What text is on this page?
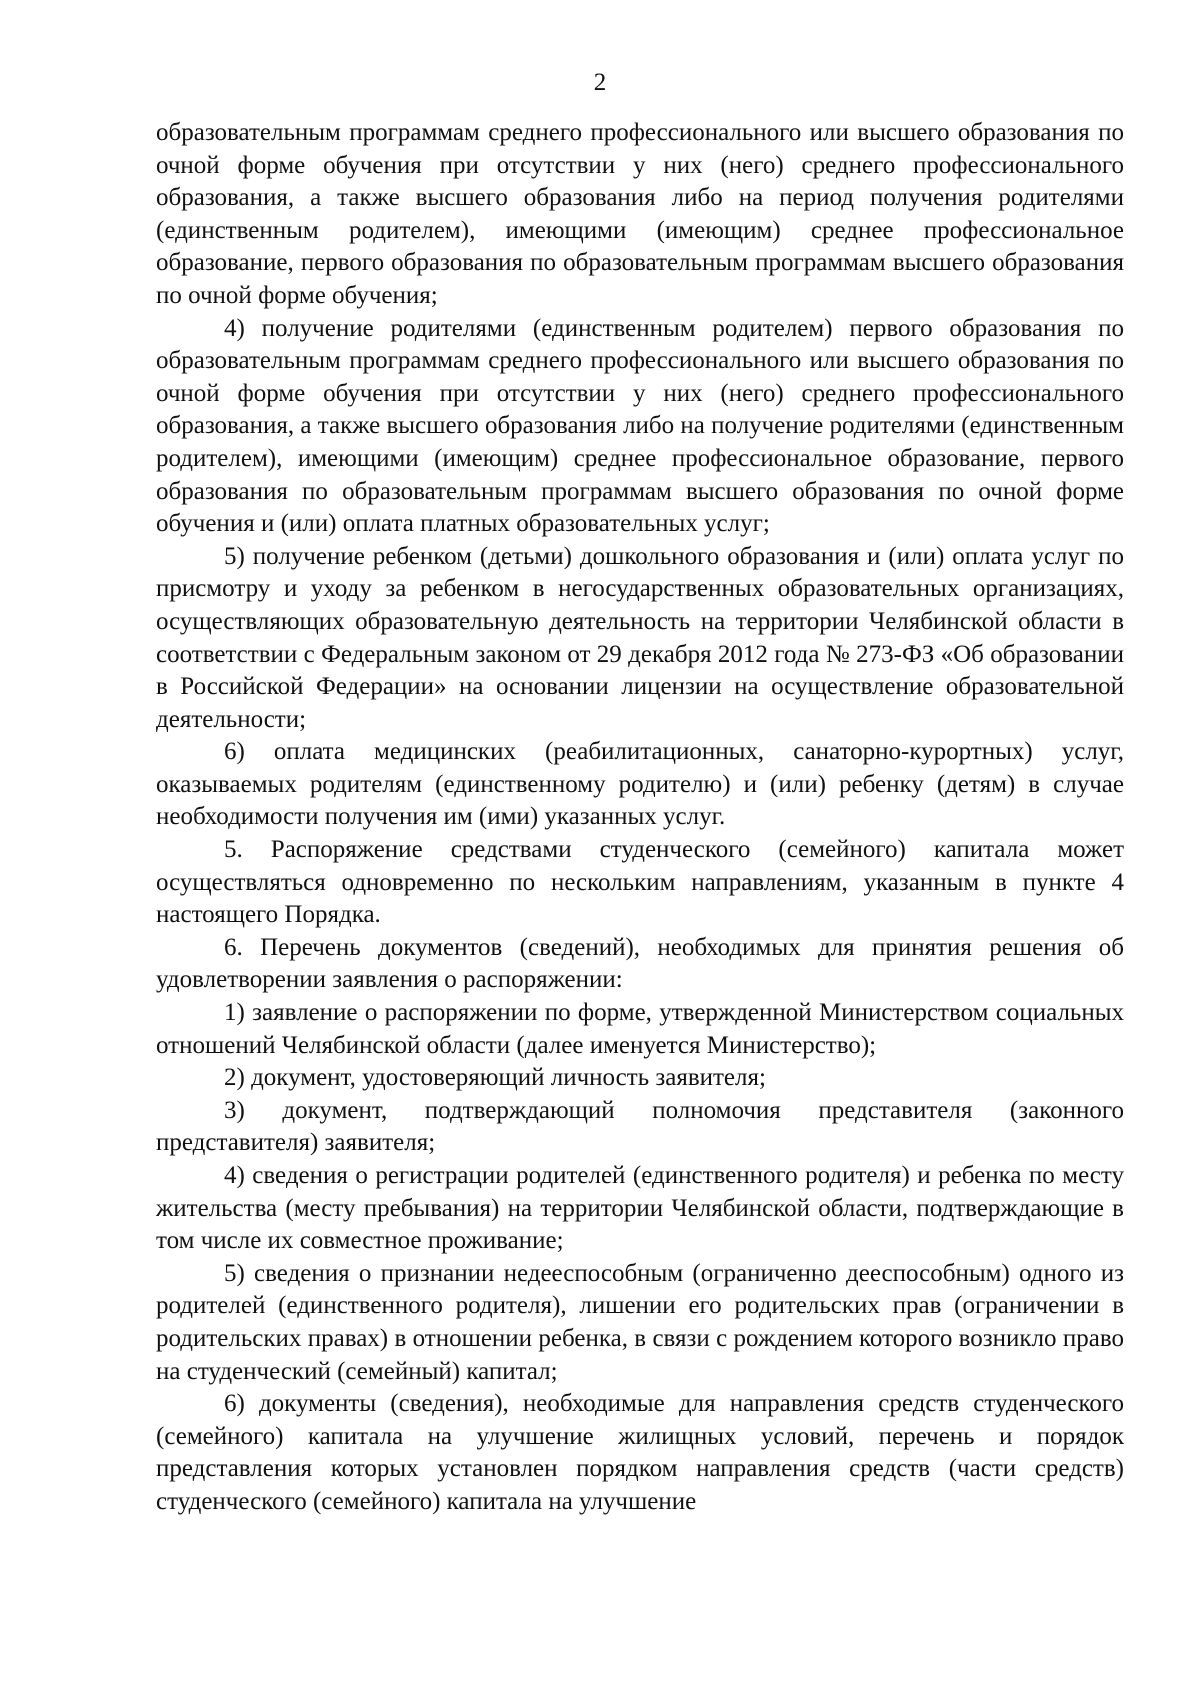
2

образовательным программам среднего профессионального или высшего образования по очной форме обучения при отсутствии у них (него) среднего профессионального образования, а также высшего образования либо на период получения родителями (единственным родителем), имеющими (имеющим) среднее профессиональное образование, первого образования по образовательным программам высшего образования по очной форме обучения;

4) получение родителями (единственным родителем) первого образования по образовательным программам среднего профессионального или высшего образования по очной форме обучения при отсутствии у них (него) среднего профессионального образования, а также высшего образования либо на получение родителями (единственным родителем), имеющими (имеющим) среднее профессиональное образование, первого образования по образовательным программам высшего образования по очной форме обучения и (или) оплата платных образовательных услуг;

5) получение ребенком (детьми) дошкольного образования и (или) оплата услуг по присмотру и уходу за ребенком в негосударственных образовательных организациях, осуществляющих образовательную деятельность на территории Челябинской области в соответствии с Федеральным законом от 29 декабря 2012 года № 273-ФЗ «Об образовании в Российской Федерации» на основании лицензии на осуществление образовательной деятельности;

6) оплата медицинских (реабилитационных, санаторно-курортных) услуг, оказываемых родителям (единственному родителю) и (или) ребенку (детям) в случае необходимости получения им (ими) указанных услуг.

5. Распоряжение средствами студенческого (семейного) капитала может осуществляться одновременно по нескольким направлениям, указанным в пункте 4 настоящего Порядка.

6. Перечень документов (сведений), необходимых для принятия решения об удовлетворении заявления о распоряжении:

1) заявление о распоряжении по форме, утвержденной Министерством социальных отношений Челябинской области (далее именуется Министерство);

2) документ, удостоверяющий личность заявителя;

3) документ, подтверждающий полномочия представителя (законного представителя) заявителя;

4) сведения о регистрации родителей (единственного родителя) и ребенка по месту жительства (месту пребывания) на территории Челябинской области, подтверждающие в том числе их совместное проживание;

5) сведения о признании недееспособным (ограниченно дееспособным) одного из родителей (единственного родителя), лишении его родительских прав (ограничении в родительских правах) в отношении ребенка, в связи с рождением которого возникло право на студенческий (семейный) капитал;

6) документы (сведения), необходимые для направления средств студенческого (семейного) капитала на улучшение жилищных условий, перечень и порядок представления которых установлен порядком направления средств (части средств) студенческого (семейного) капитала на улучшение
